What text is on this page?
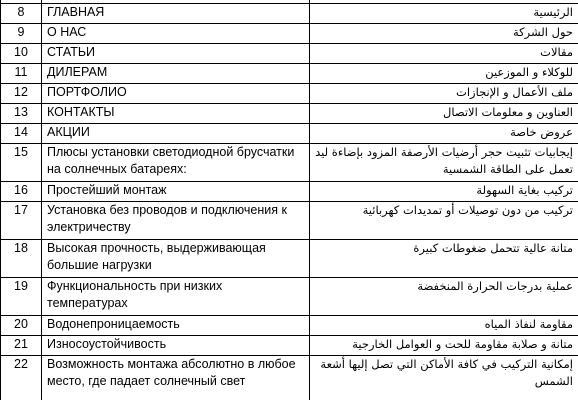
8	ГЛАВНАЯ	الرئيسية
9	О НАС	حول الشركة
10	СТАТЬИ	مقالات
11	ДИЛЕРАМ	للوكلاء و الموزعين
12	ПОРТФОЛИО	ملف الأعمال و الإنجازات
13	КОНТАКТЫ	العناوين و معلومات الاتصال
14	АКЦИИ	عروض خاصة
15	Плюсы установки светодиодной брусчатки на солнечных батареях:	إيجابيات تثبيت حجر أرضيات الأرصفة المزود بإضاءة ليد تعمل على الطاقة الشمسية
16	Простейший монтаж	تركيب بغاية السهولة
17	Установка без проводов и подключения к электричеству	تركيب من دون توصيلات أو تمديدات كهربائية
18	Высокая прочность, выдерживающая большие нагрузки	متانة عالية تتحمل ضغوطات كبيرة
19	Функциональность при низких температурах	عملية بدرجات الحرارة المنخفضة
20	Водонепроницаемость	مقاومة لنفاذ المياه
21	Износоустойчивость	متانة و صلابة مقاومة للحت و العوامل الخارجية
22	Возможность монтажа абсолютно в любое место, где падает солнечный свет	إمكانية التركيب في كافة الأماكن التي تصل إليها أشعة الشمس
